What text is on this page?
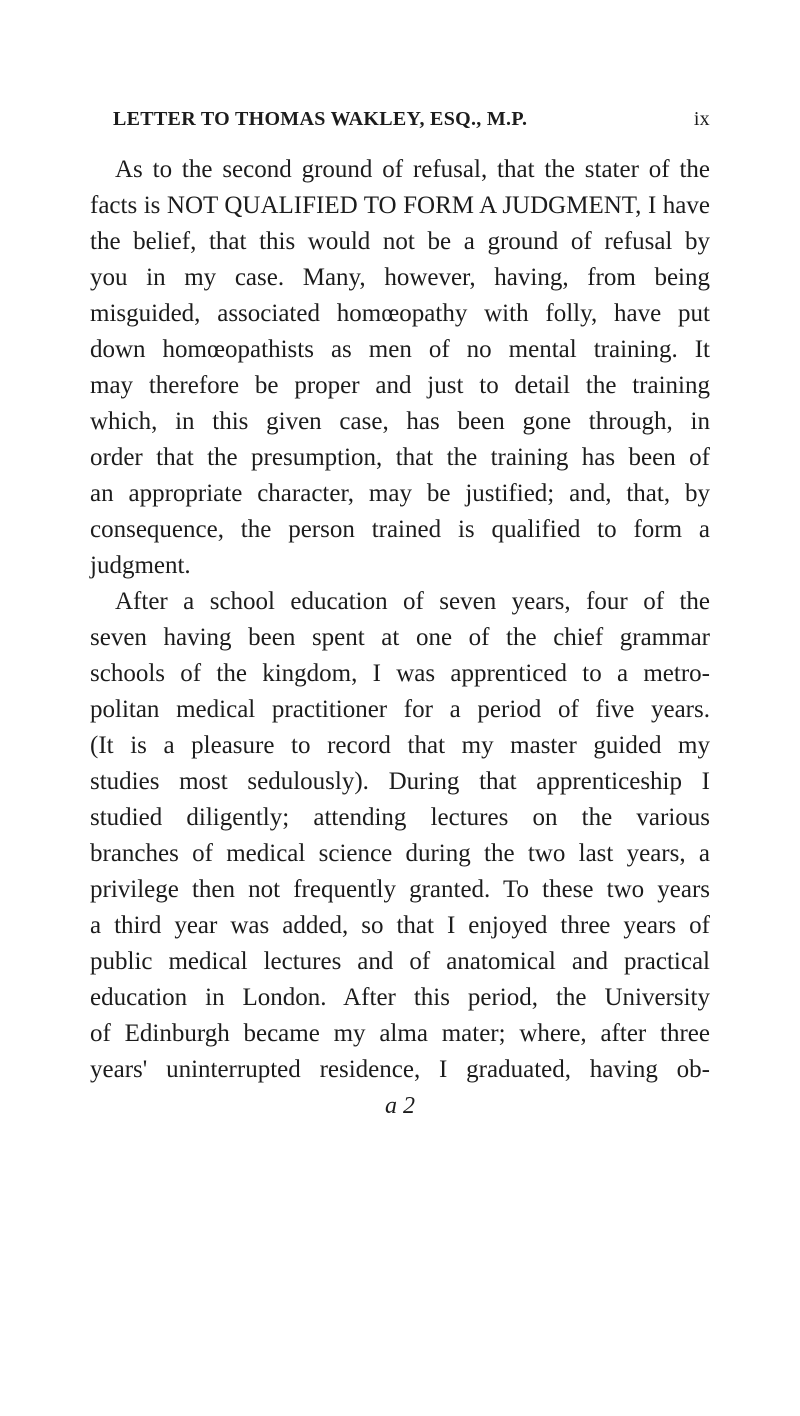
LETTER TO THOMAS WAKLEY, ESQ., M.P.	ix
As to the second ground of refusal, that the stater of the
facts is NOT QUALIFIED TO FORM A JUDGMENT, I have
the belief, that this would not be a ground of refusal by
you in my case. Many, however, having, from being
misguided, associated homœopathy with folly, have put
down homœopathists as men of no mental training. It
may therefore be proper and just to detail the training
which, in this given case, has been gone through, in
order that the presumption, that the training has been of
an appropriate character, may be justified; and, that, by
consequence, the person trained is qualified to form a
judgment.
After a school education of seven years, four of the
seven having been spent at one of the chief grammar
schools of the kingdom, I was apprenticed to a metro-
politan medical practitioner for a period of five years.
(It is a pleasure to record that my master guided my
studies most sedulously). During that apprenticeship I
studied diligently; attending lectures on the various
branches of medical science during the two last years, a
privilege then not frequently granted. To these two years
a third year was added, so that I enjoyed three years of
public medical lectures and of anatomical and practical
education in London. After this period, the University
of Edinburgh became my alma mater; where, after three
years' uninterrupted residence, I graduated, having ob-
a 2
